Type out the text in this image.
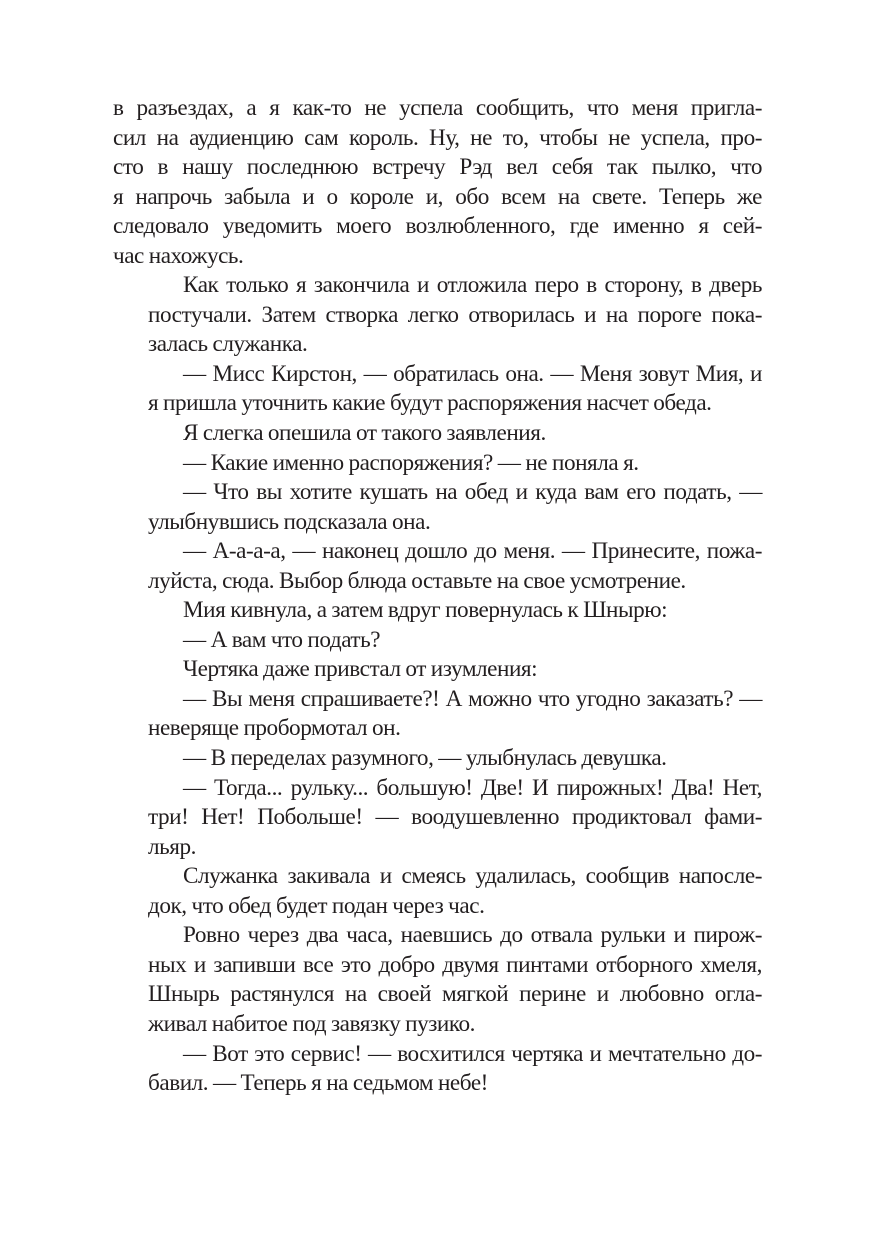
в разъездах, а я как-то не успела сообщить, что меня пригла-
сил на аудиенцию сам король. Ну, не то, чтобы не успела, про-
сто в нашу последнюю встречу Рэд вел себя так пылко, что
я напрочь забыла и о короле и, обо всем на свете. Теперь же
следовало уведомить моего возлюбленного, где именно я сей-
час нахожусь.
Как только я закончила и отложила перо в сторону, в дверь
постучали. Затем створка легко отворилась и на пороге пока-
залась служанка.
— Мисс Кирстон, — обратилась она. — Меня зовут Мия, и
я пришла уточнить какие будут распоряжения насчет обеда.
Я слегка опешила от такого заявления.
— Какие именно распоряжения? — не поняла я.
— Что вы хотите кушать на обед и куда вам его подать, —
улыбнувшись подсказала она.
— А-а-а-а, — наконец дошло до меня. — Принесите, пожа-
луйста, сюда. Выбор блюда оставьте на свое усмотрение.
Мия кивнула, а затем вдруг повернулась к Шнырю:
— А вам что подать?
Чертяка даже привстал от изумления:
— Вы меня спрашиваете?! А можно что угодно заказать? —
неверяще пробормотал он.
— В переделах разумного, — улыбнулась девушка.
— Тогда... рульку... большую! Две! И пирожных! Два! Нет,
три! Нет! Побольше! — воодушевленно продиктовал фами-
льяр.
Служанка закивала и смеясь удалилась, сообщив напосле-
док, что обед будет подан через час.
Ровно через два часа, наевшись до отвала рульки и пирож-
ных и запивши все это добро двумя пинтами отборного хмеля,
Шнырь растянулся на своей мягкой перине и любовно огла-
живал набитое под завязку пузико.
— Вот это сервис! — восхитился чертяка и мечтательно до-
бавил. — Теперь я на седьмом небе!
